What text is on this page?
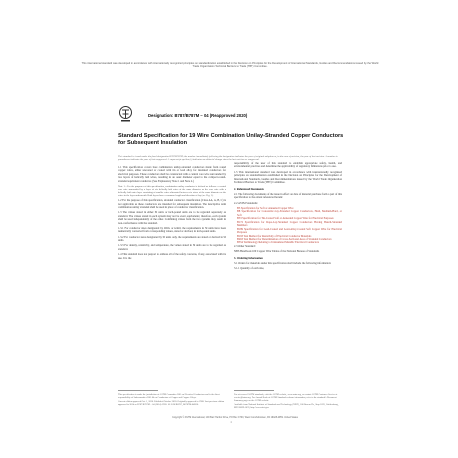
This international standard was developed in accordance with internationally recognized principles on standardization established in the Decision on Principles for the Development of International Standards, Guides and Recommendations issued by the World Trade Organization Technical Barriers to Trade (TBT) Committee.
Designation: B787/B787M − 04 (Reapproved 2020)
Standard Specification for 19 Wire Combination Unilay-Stranded Copper Conductors for Subsequent Insulation
This standard is issued under the fixed designation B787/B787M; the number immediately following the designation indicates the year of original adoption or, in the case of revision, the year of last revision. A number in parentheses indicates the year of last reapproval. A superscript epsilon (ε) indicates an editorial change since the last revision or reapproval.
1.1 This specification covers bare combination unilay-stranded conductors made from round copper wires, either uncoated or coated with tin or lead alloy for insulated conductors for electrical purposes. These conductors shall be constructed with a central core wire surrounded by two layers of helically laid wires, resulting in an outer diameter equal to the compact-round-stranded equivalent conductor. (See Explanatory Note 1 and Note 2.)
Note 1—For the purposes of this specification, combination unilay conductor is defined as follows: a central core wire surrounded by a layer of six helically laid wires of the same diameter as the core wire with a helically laid outer layer consisting of smaller wires alternated between six wires of the same diameter as the wires in the layer underneath. Both layers have a common length and direction of lay (see Fig. 1).
1.2 For the purpose of this specification, stranded conductor classification (Class AA, A, B, C) is not applicable as these conductors are intended for subsequent insulation. The descriptive term combination unilay stranded shall be used in place of conductor classification.
1.3 The values stated in either SI units or inch-pound units are to be regarded separately as standard. The values stated in each system may not be exact equivalents; therefore, each system shall be used independently of the other. Combining values from the two systems may result in non-conformance with the standard.
1.3.1 For conductor sizes designated by AWG or kcmil, the requirements in SI units have been numerically converted from corresponding values, stated or derived, in inch-pound units.
1.3.2 For conductor sizes designated by SI units only, the requirements are stated or derived in SI units.
1.3.3 For density, resistivity, and temperature, the values stated in SI units are to be regarded as standard.
1.4 This standard does not purport to address all of the safety concerns, if any, associated with its use. It is the
responsibility of the user of this standard to establish appropriate safety, health, and environmental practices and determine the applicability of regulatory limitations prior to use.
1.5 This international standard was developed in accordance with internationally recognized principles on standardization established in the Decision on Principles for the Development of International Standards, Guides and Recommendations issued by the World Trade Organization Technical Barriers to Trade (TBT) Committee.
2. Referenced Documents
2.1 The following documents of the issue in effect on date of material purchase form a part of this specification to the extent referenced herein:
2.2 ASTM Standards:
B3 Specification for Soft or Annealed Copper Wire
B8 Specification for Concentric-Lay-Stranded Copper Conductors, Hard, Medium-Hard, or Soft
B33 Specification for Tin-Coated Soft or Annealed Copper Wire for Electrical Purposes
B172 Specification for Rope-Lay-Stranded Copper Conductors Having Bunch-Stranded Members
B189 Specification for Lead-Coated and Lead-Alloy-Coated Soft Copper Wire for Electrical Purposes
B193 Test Method for Resistivity of Electrical Conductor Materials
B263 Test Method for Determination of Cross-Sectional Area of Stranded Conductors
B354 Terminology Relating to Uninsulated Metallic Electrical Conductors
2.3 Other Standard:
NBS Handbook 100 Copper Wire Tables of the National Bureau of Standards
3. Ordering Information
3.1 Orders for materials under this specification shall include the following information:
3.1.1 Quantity of each size,
This specification is under the jurisdiction of ASTM Committee B01 on Electrical Conductors and is the direct responsibility of Subcommittee B01.04 on Conductors of Copper and Copper Alloys.
Current edition approved Oct. 1, 2020. Published October 2020. Originally approved in 1988. Last previous edition approved in 2014 as B787/B787M − 04 (2014). DOI: 10.1520/B0787_B0787M-04R20.
For referenced ASTM standards, visit the ASTM website, www.astm.org, or contact ASTM Customer Service at service@astm.org. For Annual Book of ASTM Standards volume information, refer to the standard's Document Summary page on the ASTM website.
Available from National Institute of Standards and Technology (NIST), 100 Bureau Dr., Stop 1070, Gaithersburg, MD 20899-1070, http://www.nist.gov.
Copyright © ASTM International, 100 Barr Harbor Drive, PO Box C700, West Conshohocken, PA 19428-2959. United States
1
